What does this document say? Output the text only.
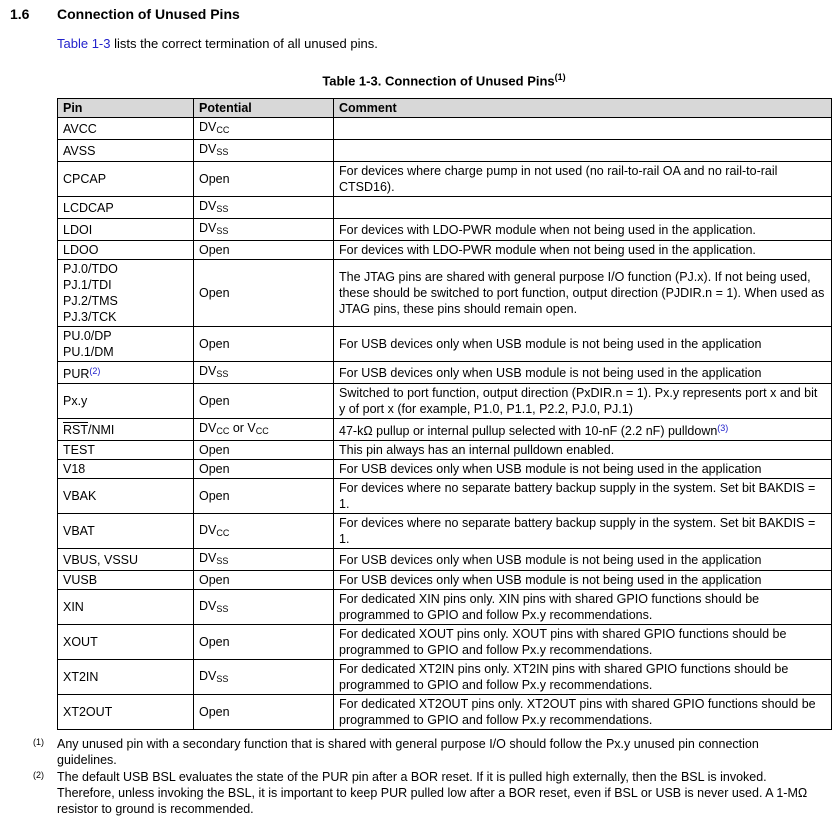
1.6	Connection of Unused Pins
Table 1-3 lists the correct termination of all unused pins.
Table 1-3. Connection of Unused Pins$^{(1)}$
Pin	Potential	Comment

AVCC	$DV_{CC}$	

AVSS	$DV_{SS}$	

CPCAP	Open	For devices where charge pump in not used (no rail-to-rail OA and no rail-to-rail CTSD16).

LCDCAP	$DV_{SS}$	

LDOI	$DV_{SS}$	For devices with LDO-PWR module when not being used in the application.

LDOO	Open	For devices with LDO-PWR module when not being used in the application.

PJ.0/TDO
PJ.1/TDI
PJ.2/TMS
PJ.3/TCK
	Open	The JTAG pins are shared with general purpose I/O function (PJ.x). If not being used, these should be switched to port function, output direction (PJDIR.n = 1). When used as JTAG pins, these pins should remain open.

PU.0/DP
PU.1/DM	Open	For USB devices only when USB module is not being used in the application

PUR$^{(2)}$	$DV_{SS}$	For USB devices only when USB module is not being used in the application

Px.y	Open	Switched to port function, output direction (PxDIR.n = 1). Px.y represents port x and bit y of port x (for example, P1.0, P1.1, P2.2, PJ.0, PJ.1)

$\overline{RST}$/NMI	$DV_{CC}$ or $V_{CC}$	47-kΩ pullup or internal pullup selected with 10-nF (2.2 nF) pulldown$^{(3)}$

TEST	Open	This pin always has an internal pulldown enabled.

V18	Open	For USB devices only when USB module is not being used in the application

VBAK	Open	For devices where no separate battery backup supply in the system. Set bit BAKDIS = 1.

VBAT	$DV_{CC}$	For devices where no separate battery backup supply in the system. Set bit BAKDIS = 1.

VBUS, VSSU	$DV_{SS}$	For USB devices only when USB module is not being used in the application

VUSB	Open	For USB devices only when USB module is not being used in the application

XIN	$DV_{SS}$	For dedicated XIN pins only. XIN pins with shared GPIO functions should be programmed to GPIO and follow Px.y recommendations.

XOUT	Open	For dedicated XOUT pins only. XOUT pins with shared GPIO functions should be programmed to GPIO and follow Px.y recommendations.

XT2IN	$DV_{SS}$	For dedicated XT2IN pins only. XT2IN pins with shared GPIO functions should be programmed to GPIO and follow Px.y recommendations.

XT2OUT	Open	For dedicated XT2OUT pins only. XT2OUT pins with shared GPIO functions should be programmed to GPIO and follow Px.y recommendations.
(1)	Any unused pin with a secondary function that is shared with general purpose I/O should follow the Px.y unused pin connection guidelines.
(2)	The default USB BSL evaluates the state of the PUR pin after a BOR reset. If it is pulled high externally, then the BSL is invoked. Therefore, unless invoking the BSL, it is important to keep PUR pulled low after a BOR reset, even if BSL or USB is never used. A 1-MΩ resistor to ground is recommended.
